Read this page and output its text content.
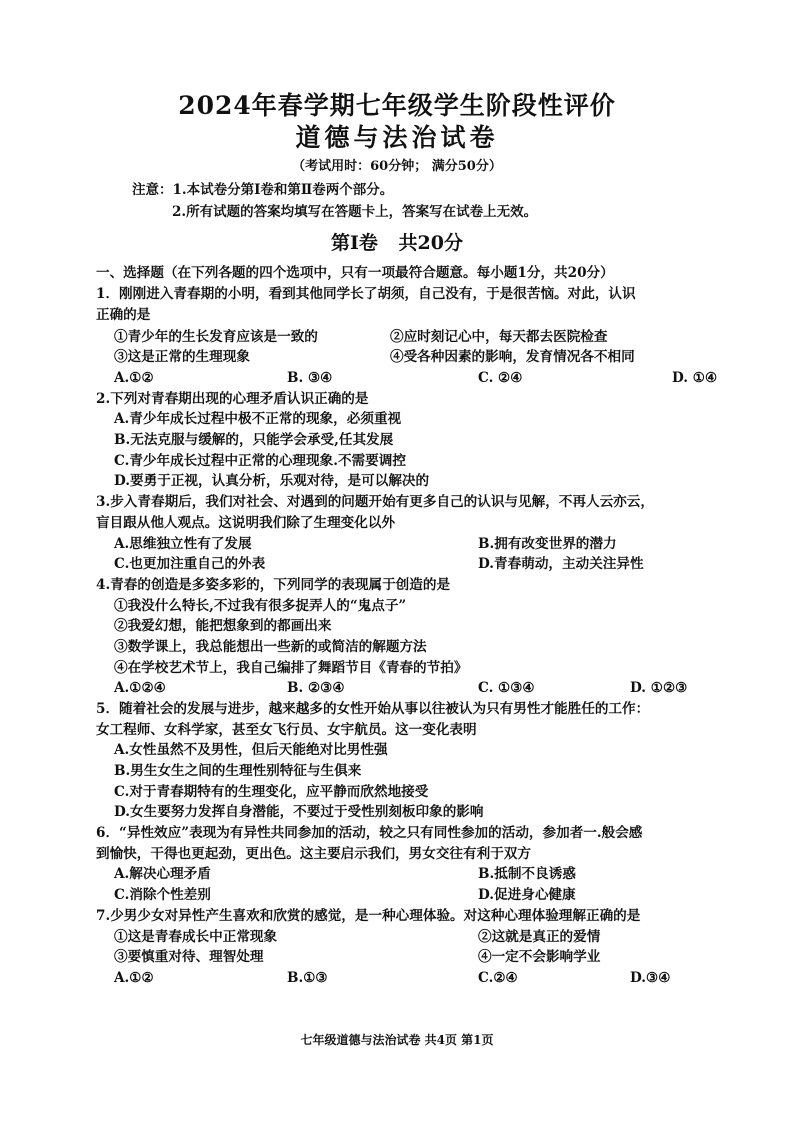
2024年春学期七年级学生阶段性评价
道德与法治试卷
（考试用时：60分钟； 满分50分）
注意：1.本试卷分第Ⅰ卷和第Ⅱ卷两个部分。
2.所有试题的答案均填写在答题卡上，答案写在试卷上无效。
第Ⅰ卷 共20分
一、选择题（在下列各题的四个选项中，只有一项最符合题意。每小题1分，共20分）
1．刚刚进入青春期的小明，看到其他同学长了胡须，自己没有，于是很苦恼。对此，认识
正确的是
①青少年的生长发育应该是一致的	②应时刻记心中，每天都去医院检查
③这是正常的生理现象	④受各种因素的影响，发育情况各不相同
A.①②	B. ③④	C. ②④	D. ①④
2.下列对青春期出现的心理矛盾认识正确的是
A.青少年成长过程中极不正常的现象，必须重视
B.无法克服与缓解的，只能学会承受,任其发展
C.青少年成长过程中正常的心理现象.不需要调控
D.要勇于正视，认真分析，乐观对待，是可以解决的
3.步入青春期后，我们对社会、对遇到的问题开始有更多自己的认识与见解，不再人云亦云，
盲目跟从他人观点。这说明我们除了生理变化以外
A.思维独立性有了发展	B.拥有改变世界的潜力
C.也更加注重自己的外表	D.青春萌动，主动关注异性
4.青春的创造是多姿多彩的，下列同学的表现属于创造的是
①我没什么特长,不过我有很多捉弄人的“鬼点子”
②我爱幻想，能把想象到的都画出来
③数学课上，我总能想出一些新的或简洁的解题方法
④在学校艺术节上，我自己编排了舞蹈节目《青春的节拍》
A.①②④	B. ②③④	C. ①③④	D. ①②③
5．随着社会的发展与进步，越来越多的女性开始从事以往被认为只有男性才能胜任的工作：
女工程师、女科学家，甚至女飞行员、女宇航员。这一变化表明
A.女性虽然不及男性，但后天能绝对比男性强
B.男生女生之间的生理性别特征与生俱来
C.对于青春期特有的生理变化，应平静而欣然地接受
D.女生要努力发挥自身潜能，不要过于受性别刻板印象的影响
6．“异性效应”表现为有异性共同参加的活动，较之只有同性参加的活动，参加者一.般会感
到愉快，干得也更起劲，更出色。这主要启示我们，男女交往有利于双方
A.解决心理矛盾	B.抵制不良诱惑
C.消除个性差别	D.促进身心健康
7.少男少女对异性产生喜欢和欣赏的感觉，是一种心理体验。对这种心理体验理解正确的是
①这是青春成长中正常现象	②这就是真正的爱情
③要慎重对待、理智处理	④一定不会影响学业
A.①②	B.①③	C.②④	D.③④
七年级道德与法治试卷 共4页 第1页
